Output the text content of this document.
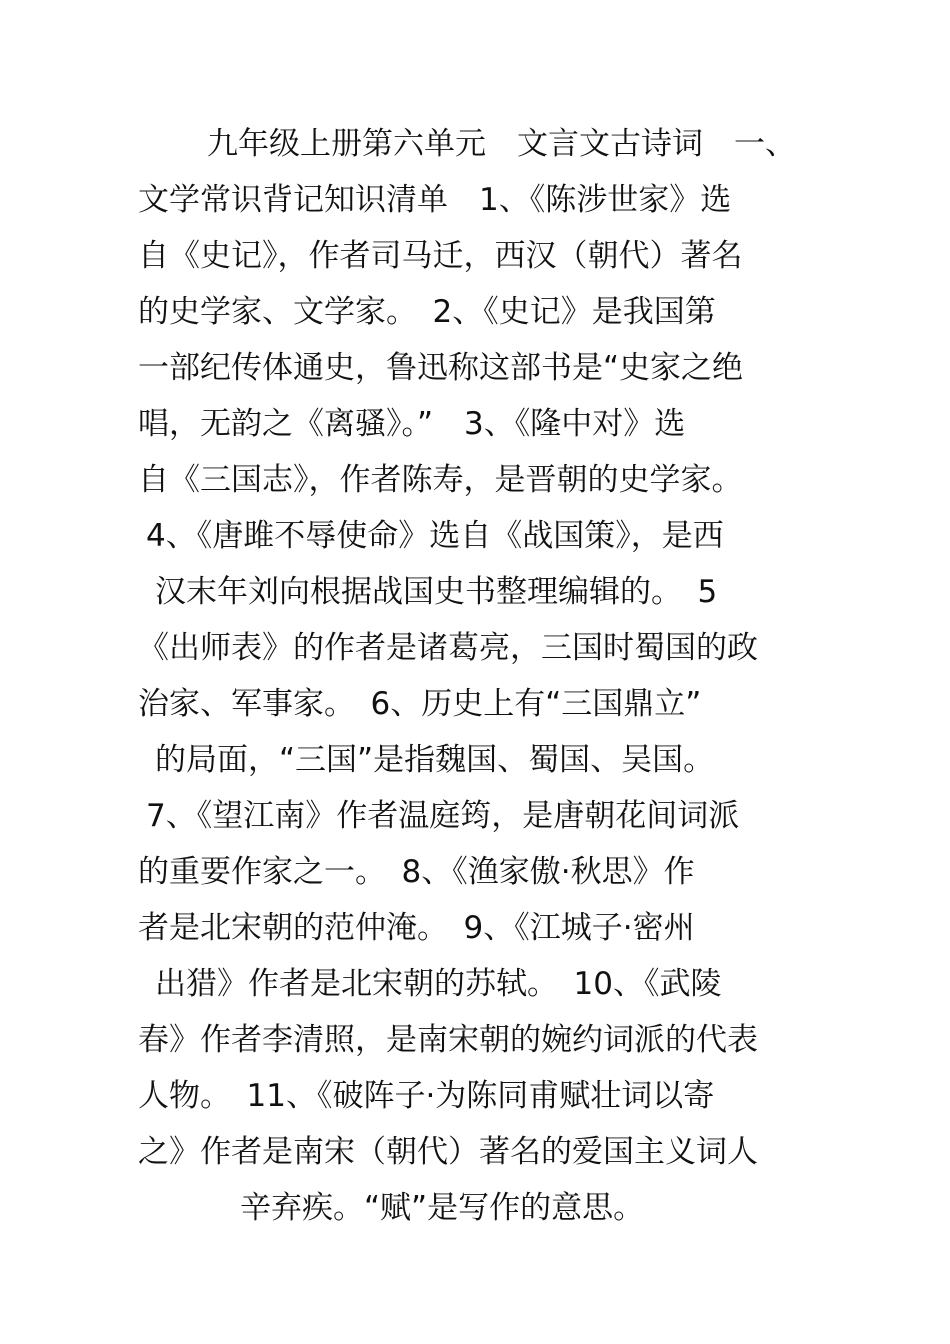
九年级上册第六单元　文言文古诗词　一、
文学常识背记知识清单　1、《陈涉世家》选
自《史记》，作者司马迁，西汉（朝代）著名
的史学家、文学家。　2、《史记》是我国第
一部纪传体通史，鲁迅称这部书是“史家之绝
唱，无韵之《离骚》。”　3、《隆中对》选
自《三国志》，作者陈寿，是晋朝的史学家。
4、《唐雎不辱使命》选自《战国策》，是西
汉末年刘向根据战国史书整理编辑的。　5
《出师表》的作者是诸葛亮，三国时蜀国的政
治家、军事家。　6、历史上有“三国鼎立”
的局面，“三国”是指魏国、蜀国、吴国。
7、《望江南》作者温庭筠，是唐朝花间词派
的重要作家之一。　8、《渔家傲·秋思》作
者是北宋朝的范仲淹。　9、《江城子·密州
出猎》作者是北宋朝的苏轼。　10、《武陵
春》作者李清照，是南宋朝的婉约词派的代表
人物。　11、《破阵子·为陈同甫赋壮词以寄
之》作者是南宋（朝代）著名的爱国主义词人
辛弃疾。“赋”是写作的意思。
